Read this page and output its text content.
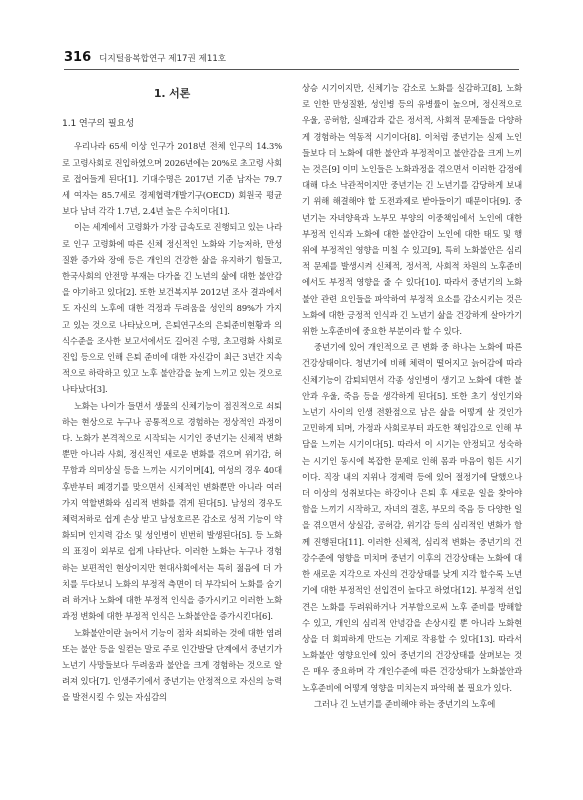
316 디지털융복합연구 제17권 제11호
1. 서론
1.1 연구의 필요성

우리나라 65세 이상 인구가 2018년 전체 인구의 14.3%로 고령사회로 진입하였으며 2026년에는 20%로 초고령 사회로 접어들게 된다[1]. 기대수명은 2017년 기준 남자는 79.7세 여자는 85.7세로 경제협력개발기구(OECD) 회원국 평균보다 남녀 각각 1.7년, 2.4년 높은 수치이다[1].

이는 세계에서 고령화가 가장 급속도로 진행되고 있는 나라로 인구 고령화에 따른 신체 정신적인 노화와 기능저하, 만성질환 증가와 장애 등은 개인의 건강한 삶을 유지하기 힘들고, 한국사회의 안전망 부재는 다가올 긴 노년의 삶에 대한 불안감을 야기하고 있다[2]. 또한 보건복지부 2012년 조사 결과에서도 자신의 노후에 대한 걱정과 두려움을 성인의 89%가 가지고 있는 것으로 나타났으며, 은퇴연구소의 은퇴준비현황과 의식수준을 조사한 보고서에서도 길어진 수명, 초고령화 사회로 진입 등으로 인해 은퇴 준비에 대한 자신감이 최근 3년간 지속적으로 하락하고 있고 노후 불안감을 높게 느끼고 있는 것으로 나타났다[3].

노화는 나이가 들면서 생물의 신체기능이 점진적으로 쇠퇴하는 현상으로 누구나 공통적으로 경험하는 정상적인 과정이다. 노화가 본격적으로 시작되는 시기인 중년기는 신체적 변화 뿐만 아니라 사회, 정신적인 새로운 변화를 겪으며 위기감, 허무함과 의미상실 등을 느끼는 시기이며[4], 여성의 경우 40대 후반부터 폐경기를 맞으면서 신체적인 변화뿐만 아니라 여러 가지 역할변화와 심리적 변화를 겪게 된다[5]. 남성의 경우도 체력저하로 쉽게 손상 받고 남성호르몬 감소로 성적 기능이 약화되며 인지력 감소 및 성인병이 빈번히 발생된다[5]. 등 노화의 표징이 외부로 쉽게 나타난다. 이러한 노화는 누구나 경험하는 보편적인 현상이지만 현대사회에서는 특히 젊음에 더 가치를 두다보니 노화의 부정적 측면이 더 부각되어 노화를 숨기려 하거나 노화에 대한 부정적 인식을 증가시키고 이러한 노화과정 변화에 대한 부정적 인식은 노화불안을 증가시킨다[6].

노화불안이란 늙어서 기능이 점차 쇠퇴하는 것에 대한 염려 또는 불안 등을 일컫는 말로 주로 인간발달 단계에서 중년기가 노년기 사망들보다 두려움과 불안을 크게 경험하는 것으로 알려져 있다[7]. 인생주기에서 중년기는 안정적으로 자신의 능력을 발전시킬 수 있는 자심감의

상승 시기이지만, 신체기능 감소로 노화를 실감하고[8], 노화로 인한 만성질환, 성인병 등의 유병률이 높으며, 정신적으로 우울, 공허함, 실패감과 같은 정서적, 사회적 문제들을 다양하게 경험하는 역동적 시기이다[8]. 이처럼 중년기는 실제 노인들보다 더 노화에 대한 불안과 부정적이고 불안감을 크게 느끼는 것은[9] 이미 노인들은 노화과정을 겪으면서 이러한 감정에 대해 다소 낙관적이지만 중년기는 긴 노년기를 감당하게 보내기 위해 해결해야 할 도전과제로 받아들이기 때문이다[9]. 중년기는 자녀양육과 노부모 부양의 이중책임에서 노인에 대한 부정적 인식과 노화에 대한 불안감이 노인에 대한 태도 및 행위에 부정적인 영향을 미칠 수 있고[9], 특히 노화불안은 심리적 문제를 발생시켜 신체적, 정서적, 사회적 차원의 노후준비에서도 부정적 영향을 줄 수 있다[10]. 따라서 중년기의 노화불안 관련 요인들을 파악하여 부정적 요소를 감소시키는 것은 노화에 대한 긍정적 인식과 긴 노년기 삶을 건강하게 살아가기 위한 노후준비에 중요한 부분이라 할 수 있다.

중년기에 있어 개인적으로 큰 변화 중 하나는 노화에 따른 건강상태이다. 청년기에 비해 체력이 떨어지고 늙어감에 따라 신체기능이 감퇴되면서 각종 성인병이 생기고 노화에 대한 불안과 우울, 죽음 등을 생각하게 된다[5]. 또한 초기 성인기와 노년기 사이의 인생 전환점으로 남은 삶을 어떻게 살 것인가 고민하게 되며, 가정과 사회로부터 과도한 책임감으로 인해 부담을 느끼는 시기이다[5]. 따라서 이 시기는 안정되고 성숙하는 시기인 동시에 복잡한 문제로 인해 몸과 마음이 힘든 시기이다. 직장 내의 지위나 경제력 등에 있어 절정기에 달했으나 더 이상의 성취보다는 하강이나 은퇴 후 새로운 일을 찾아야 함을 느끼기 시작하고, 자녀의 결혼, 부모의 죽음 등 다양한 일을 겪으면서 상실감, 공허감, 위기감 등의 심리적인 변화가 함께 진행된다[11]. 이러한 신체적, 심리적 변화는 중년기의 건강수준에 영향을 미치며 중년기 이후의 건강상태는 노화에 대한 새로운 지각으로 자신의 건강상태를 낮게 지각 할수록 노년기에 대한 부정적인 선입견이 높다고 하였다[12]. 부정적 선입견은 노화를 두려워하거나 거부함으로써 노후 준비를 방해할 수 있고, 개인의 심리적 안녕감을 손상시킬 뿐 아니라 노화현상을 더 회피하게 만드는 기제로 작용할 수 있다[13]. 따라서 노화불안 영향요인에 있어 중년기의 건강상태를 살펴보는 것은 매우 중요하며 각 개인수준에 따른 건강상태가 노화불안과 노후준비에 어떻게 영향을 미치는지 파악해 볼 필요가 있다.

그러나 긴 노년기를 준비해야 하는 중년기의 노후에
